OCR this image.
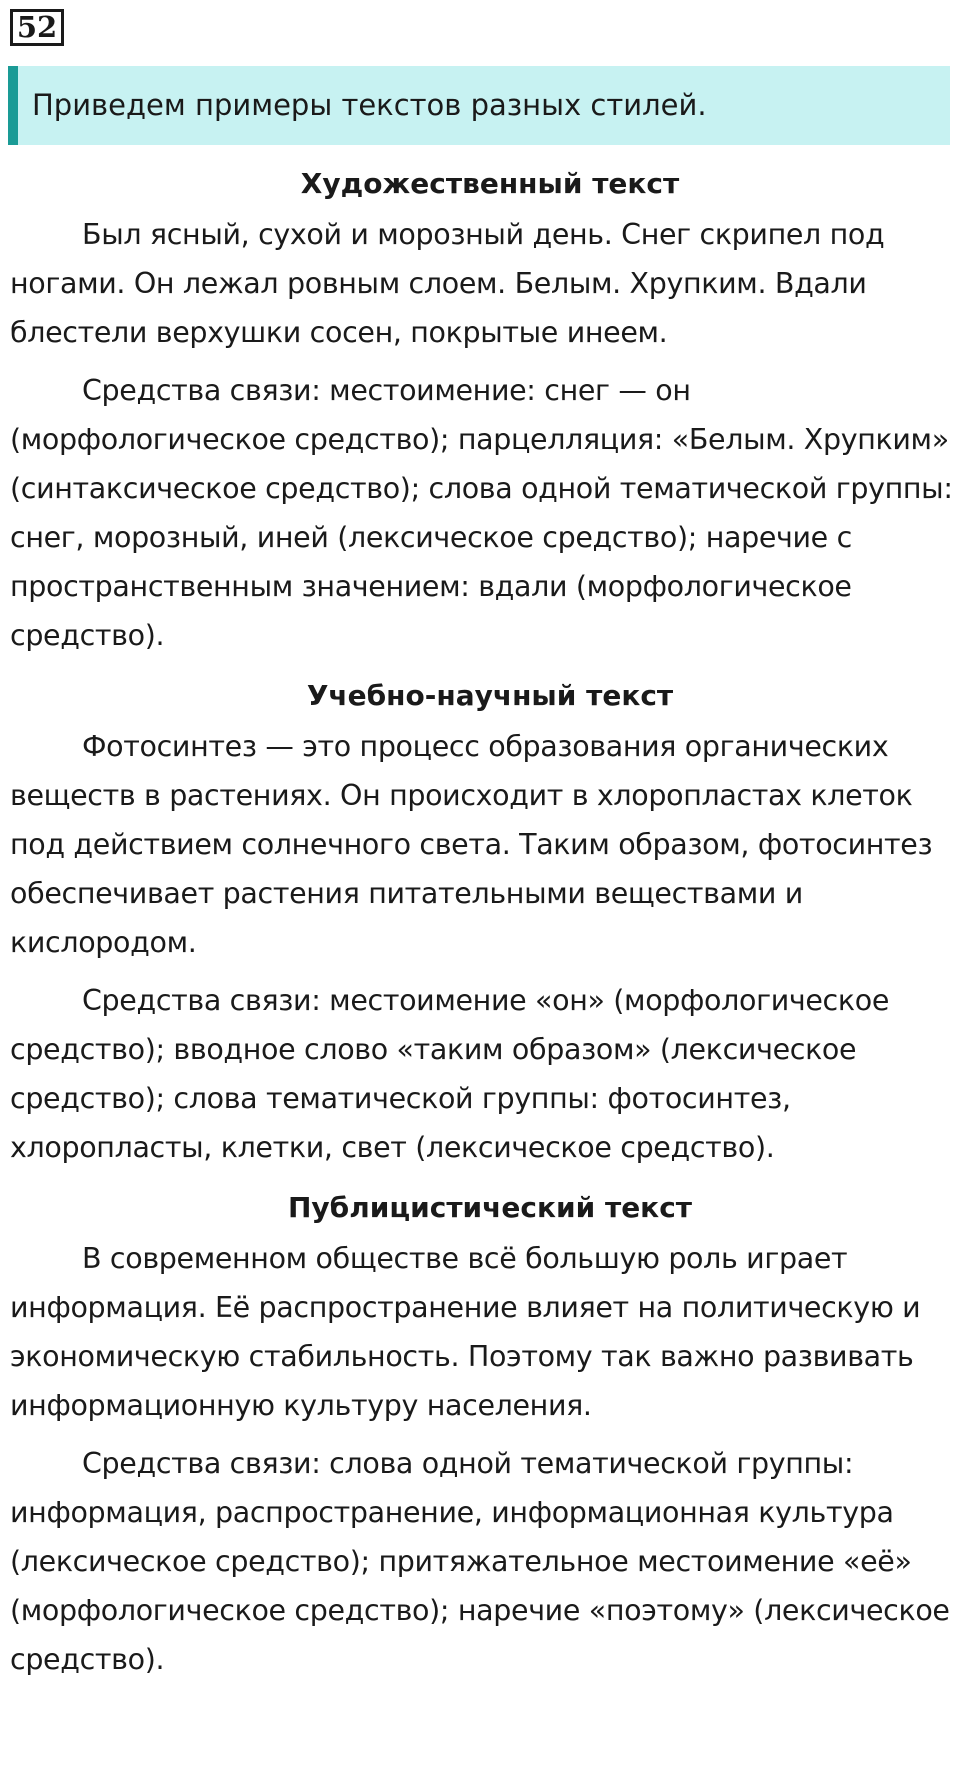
52
Приведем примеры текстов разных стилей.
Художественный текст

Был ясный, сухой и морозный день. Снег скрипел под ногами. Он лежал ровным слоем. Белым. Хрупким. Вдали блестели верхушки сосен, покрытые инеем.

Средства связи: местоимение: снег — он (морфологическое средство); парцелляция: «Белым. Хрупким» (синтаксическое средство); слова одной тематической группы: снег, морозный, иней (лексическое средство); наречие с пространственным значением: вдали (морфологическое средство).

Учебно-научный текст

Фотосинтез — это процесс образования органических веществ в растениях. Он происходит в хлоропластах клеток под действием солнечного света. Таким образом, фотосинтез обеспечивает растения питательными веществами и кислородом.

Средства связи: местоимение «он» (морфологическое средство); вводное слово «таким образом» (лексическое средство); слова тематической группы: фотосинтез, хлоропласты, клетки, свет (лексическое средство).

Публицистический текст

В современном обществе всё большую роль играет информация. Её распространение влияет на политическую и экономическую стабильность. Поэтому так важно развивать информационную культуру населения.

Средства связи: слова одной тематической группы: информация, распространение, информационная культура (лексическое средство); притяжательное местоимение «её» (морфологическое средство); наречие «поэтому» (лексическое средство).
